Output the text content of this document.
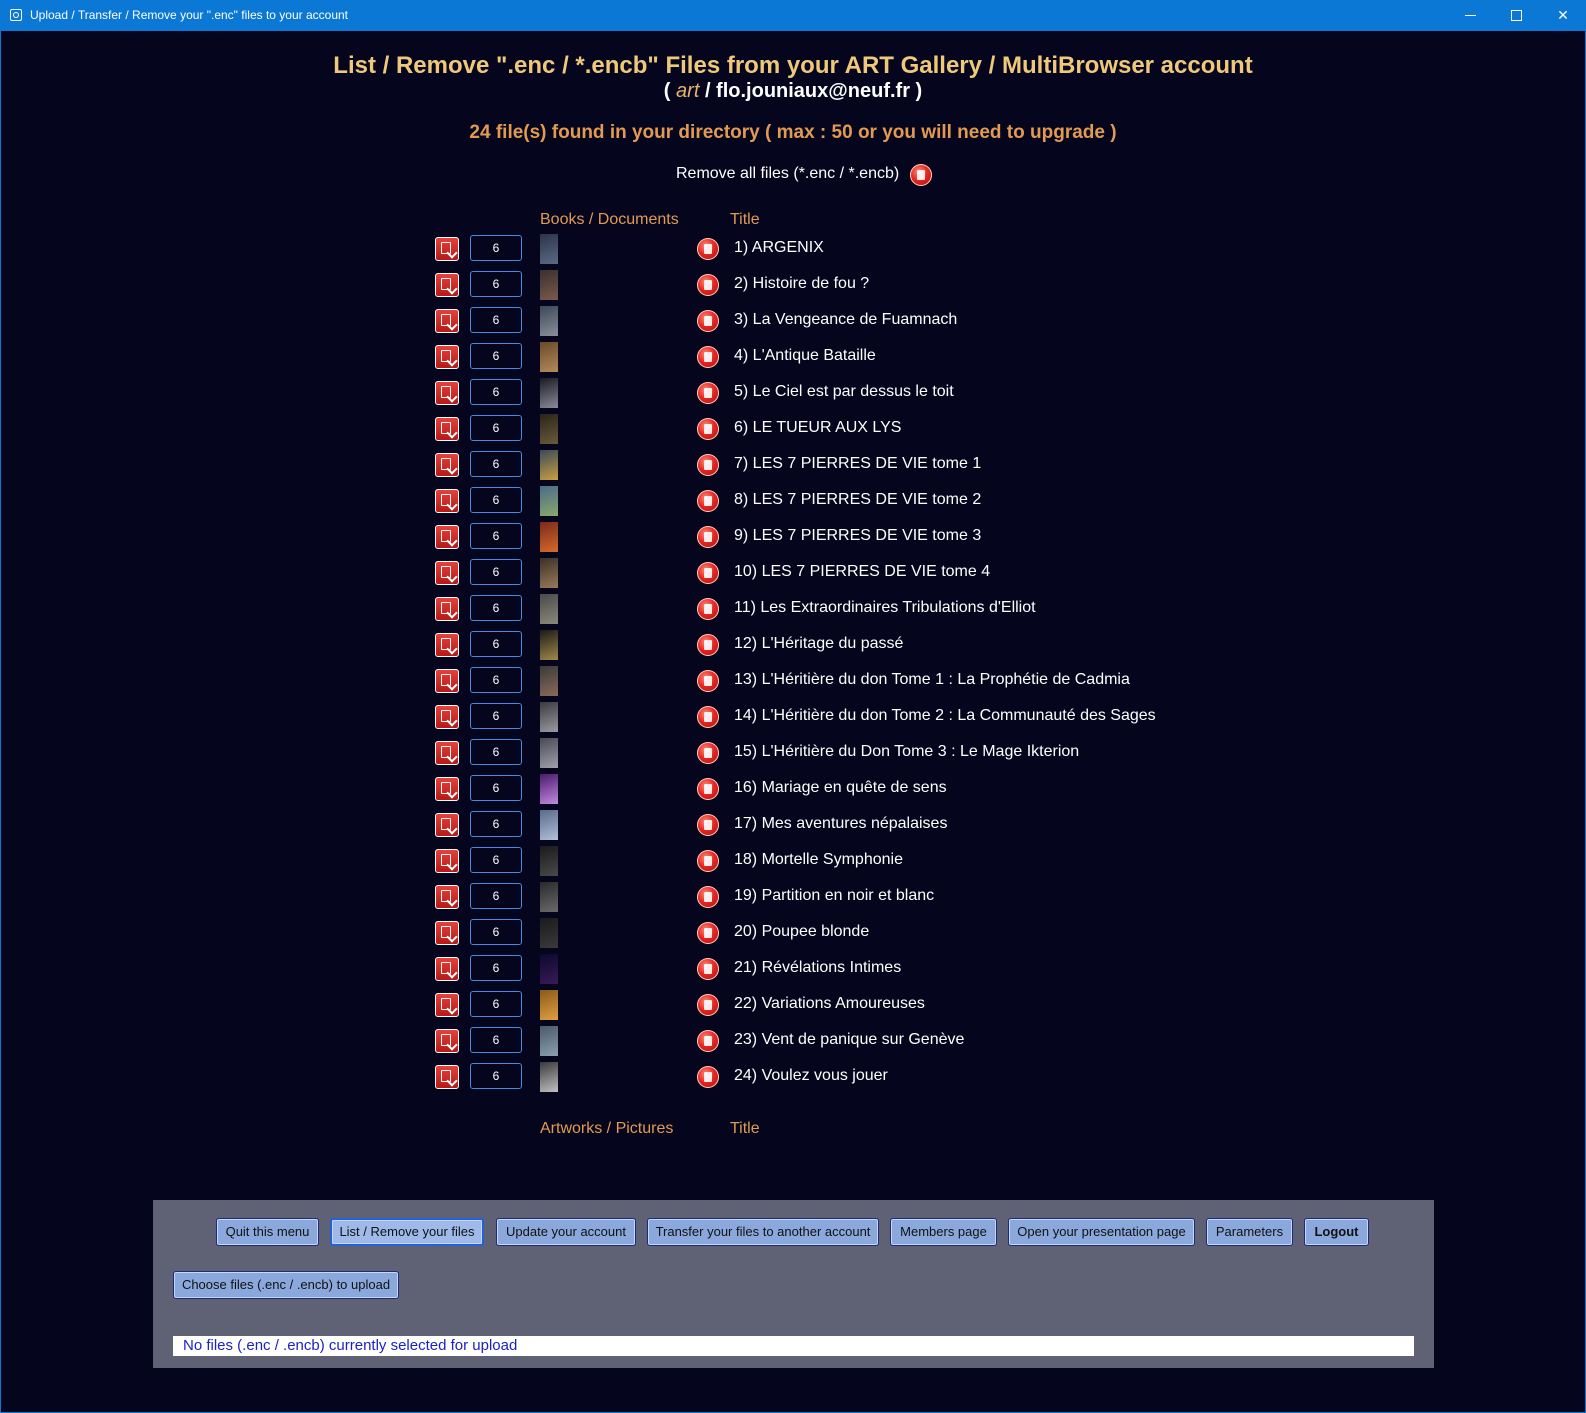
Upload / Transfer / Remove your ".enc" files to your account	✕
List / Remove ".enc / *.encb" Files from your ART Gallery / MultiBrowser account
( art / flo.jouniaux@neuf.fr )
24 file(s) found in your directory ( max : 50 or you will need to upgrade )
Remove all files (*.enc / *.encb)
Books / Documents	Title
6	1) ARGENIX
6	2) Histoire de fou ?
6	3) La Vengeance de Fuamnach
6	4) L'Antique Bataille
6	5) Le Ciel est par dessus le toit
6	6) LE TUEUR AUX LYS
6	7) LES 7 PIERRES DE VIE tome 1
6	8) LES 7 PIERRES DE VIE tome 2
6	9) LES 7 PIERRES DE VIE tome 3
6	10) LES 7 PIERRES DE VIE tome 4
6	11) Les Extraordinaires Tribulations d'Elliot
6	12) L'Héritage du passé
6	13) L'Héritière du don Tome 1 : La Prophétie de Cadmia
6	14) L'Héritière du don Tome 2 : La Communauté des Sages
6	15) L'Héritière du Don Tome 3 : Le Mage Ikterion
6	16) Mariage en quête de sens
6	17) Mes aventures népalaises
6	18) Mortelle Symphonie
6	19) Partition en noir et blanc
6	20) Poupee blonde
6	21) Révélations Intimes
6	22) Variations Amoureuses
6	23) Vent de panique sur Genève
6	24) Voulez vous jouer
Artworks / Pictures	Title
Quit this menu	List / Remove your files	Update your account	Transfer your files to another account	Members page	Open your presentation page	Parameters	Logout
Choose files (.enc / .encb) to upload
No files (.enc / .encb) currently selected for upload
